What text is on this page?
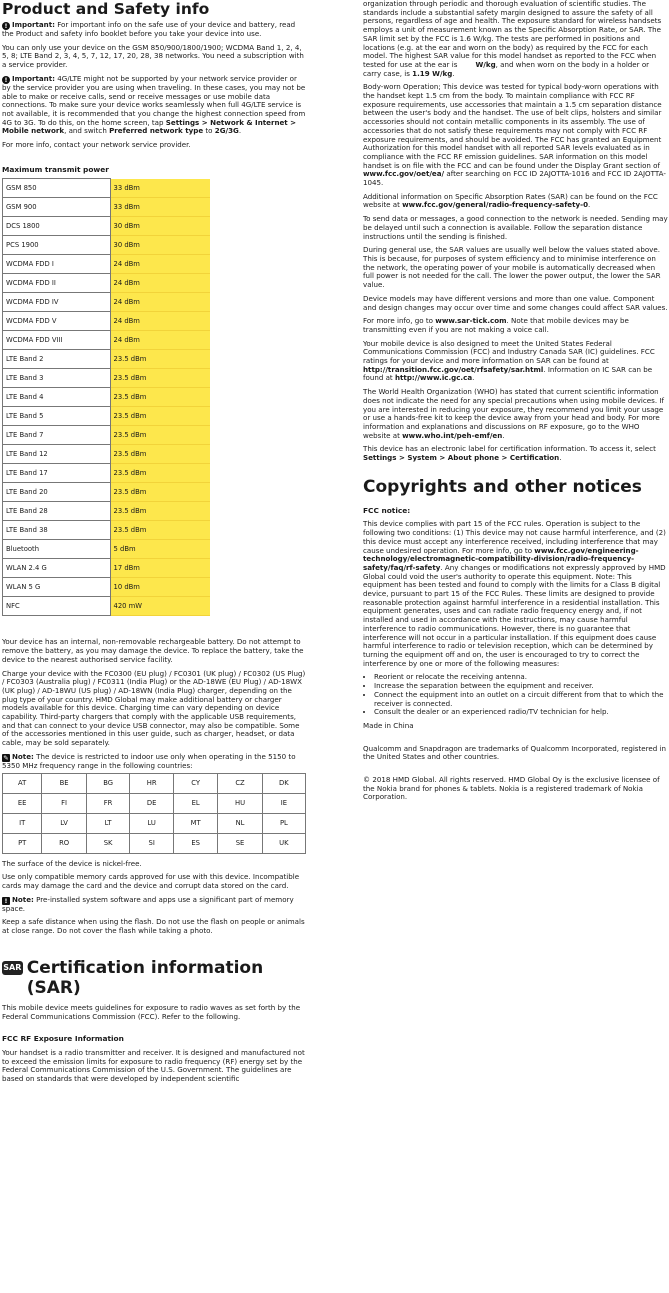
Product and Safety info

! Important: For important info on the safe use of your device and battery, read the Product and safety info booklet before you take your device into use.

You can only use your device on the GSM 850/900/1800/1900; WCDMA Band 1, 2, 4, 5, 8; LTE Band 2, 3, 4, 5, 7, 12, 17, 20, 28, 38 networks. You need a subscription with a service provider.

! Important: 4G/LTE might not be supported by your network service provider or by the service provider you are using when traveling. In these cases, you may not be able to make or receive calls, send or receive messages or use mobile data connections. To make sure your device works seamlessly when full 4G/LTE service is not available, it is recommended that you change the highest connection speed from 4G to 3G. To do this, on the home screen, tap Settings > Network & Internet > Mobile network, and switch Preferred network type to 2G/3G.

For more info, contact your network service provider.

Maximum transmit power
GSM 850	33 dBm
GSM 900	33 dBm
DCS 1800	30 dBm
PCS 1900	30 dBm
WCDMA FDD I	24 dBm
WCDMA FDD II	24 dBm
WCDMA FDD IV	24 dBm
WCDMA FDD V	24 dBm
WCDMA FDD VIII	24 dBm
LTE Band 2	23.5 dBm
LTE Band 3	23.5 dBm
LTE Band 4	23.5 dBm
LTE Band 5	23.5 dBm
LTE Band 7	23.5 dBm
LTE Band 12	23.5 dBm
LTE Band 17	23.5 dBm
LTE Band 20	23.5 dBm
LTE Band 28	23.5 dBm
LTE Band 38	23.5 dBm
Bluetooth	5 dBm
WLAN 2.4 G	17 dBm
WLAN 5 G	10 dBm
NFC	420 mW

Your device has an internal, non-removable rechargeable battery. Do not attempt to remove the battery, as you may damage the device. To replace the battery, take the device to the nearest authorised service facility.

Charge your device with the FC0300 (EU plug) / FC0301 (UK plug) / FC0302 (US Plug) / FC0303 (Australia plug) / FC0311 (India Plug) or the AD-18WE (EU Plug) / AD-18WX (UK plug) / AD-18WU (US plug) / AD-18WN (India Plug) charger, depending on the plug type of your country. HMD Global may make additional battery or charger models available for this device. Charging time can vary depending on device capability. Third-party chargers that comply with the applicable USB requirements, and that can connect to your device USB connector, may also be compatible. Some of the accessories mentioned in this user guide, such as charger, headset, or data cable, may be sold separately.

✎ Note: The device is restricted to indoor use only when operating in the 5150 to 5350 MHz frequency range in the following countries:

AT	BE	BG	HR	CY	CZ	DK
EE	FI	FR	DE	EL	HU	IE
IT	LV	LT	LU	MT	NL	PL
PT	RO	SK	SI	ES	SE	UK

The surface of the device is nickel-free.

Use only compatible memory cards approved for use with this device. Incompatible cards may damage the card and the device and corrupt data stored on the card.

! Note: Pre-installed system software and apps use a significant part of memory space.

Keep a safe distance when using the flash. Do not use the flash on people or animals at close range. Do not cover the flash while taking a photo.

SAR Certification information (SAR)

This mobile device meets guidelines for exposure to radio waves as set forth by the Federal Communications Commission (FCC). Refer to the following.

FCC RF Exposure Information

Your handset is a radio transmitter and receiver. It is designed and manufactured not to exceed the emission limits for exposure to radio frequency (RF) energy set by the Federal Communications Commission of the U.S. Government. The guidelines are based on standards that were developed by independent scientific

organization through periodic and thorough evaluation of scientific studies. The standards include a substantial safety margin designed to assure the safety of all persons, regardless of age and health. The exposure standard for wireless handsets employs a unit of measurement known as the Specific Absorption Rate, or SAR. The SAR limit set by the FCC is 1.6 W/kg. The tests are performed in positions and locations (e.g. at the ear and worn on the body) as required by the FCC for each model. The highest SAR value for this model handset as reported to the FCC when tested for use at the ear is        W/kg, and when worn on the body in a holder or carry case, is 1.19 W/kg.

Body-worn Operation; This device was tested for typical body-worn operations with the handset kept 1.5 cm from the body. To maintain compliance with FCC RF exposure requirements, use accessories that maintain a 1.5 cm separation distance between the user's body and the handset. The use of belt clips, holsters and similar accessories should not contain metallic components in its assembly. The use of accessories that do not satisfy these requirements may not comply with FCC RF exposure requirements, and should be avoided. The FCC has granted an Equipment Authorization for this model handset with all reported SAR levels evaluated as in compliance with the FCC RF emission guidelines. SAR information on this model handset is on file with the FCC and can be found under the Display Grant section of www.fcc.gov/oet/ea/ after searching on FCC ID 2AJOTTA-1016 and FCC ID 2AJOTTA-1045.

Additional information on Specific Absorption Rates (SAR) can be found on the FCC website at www.fcc.gov/general/radio-frequency-safety-0.

To send data or messages, a good connection to the network is needed. Sending may be delayed until such a connection is available. Follow the separation distance instructions until the sending is finished.

During general use, the SAR values are usually well below the values stated above. This is because, for purposes of system efficiency and to minimise interference on the network, the operating power of your mobile is automatically decreased when full power is not needed for the call. The lower the power output, the lower the SAR value.

Device models may have different versions and more than one value. Component and design changes may occur over time and some changes could affect SAR values.

For more info, go to www.sar-tick.com. Note that mobile devices may be transmitting even if you are not making a voice call.

Your mobile device is also designed to meet the United States Federal Communications Commission (FCC) and Industry Canada SAR (IC) guidelines. FCC ratings for your device and more information on SAR can be found at http://transition.fcc.gov/oet/rfsafety/sar.html. Information on IC SAR can be found at http://www.ic.gc.ca.

The World Health Organization (WHO) has stated that current scientific information does not indicate the need for any special precautions when using mobile devices. If you are interested in reducing your exposure, they recommend you limit your usage or use a hands-free kit to keep the device away from your head and body. For more information and explanations and discussions on RF exposure, go to the WHO website at www.who.int/peh-emf/en.

This device has an electronic label for certification information. To access it, select Settings > System > About phone > Certification.

Copyrights and other notices
FCC notice:

This device complies with part 15 of the FCC rules. Operation is subject to the following two conditions: (1) This device may not cause harmful interference, and (2) this device must accept any interference received, including interference that may cause undesired operation. For more info, go to www.fcc.gov/engineering-technology/electromagnetic-compatibility-division/radio-frequency-safety/faq/rf-safety. Any changes or modifications not expressly approved by HMD Global could void the user's authority to operate this equipment. Note: This equipment has been tested and found to comply with the limits for a Class B digital device, pursuant to part 15 of the FCC Rules. These limits are designed to provide reasonable protection against harmful interference in a residential installation. This equipment generates, uses and can radiate radio frequency energy and, if not installed and used in accordance with the instructions, may cause harmful interference to radio communications. However, there is no guarantee that interference will not occur in a particular installation. If this equipment does cause harmful interference to radio or television reception, which can be determined by turning the equipment off and on, the user is encouraged to try to correct the interference by one or more of the following measures:

• Reorient or relocate the receiving antenna.
• Increase the separation between the equipment and receiver.
• Connect the equipment into an outlet on a circuit different from that to which the receiver is connected.
• Consult the dealer or an experienced radio/TV technician for help.

Made in China

Qualcomm and Snapdragon are trademarks of Qualcomm Incorporated, registered in the United States and other countries.

© 2018 HMD Global. All rights reserved. HMD Global Oy is the exclusive licensee of the Nokia brand for phones & tablets. Nokia is a registered trademark of Nokia Corporation.
